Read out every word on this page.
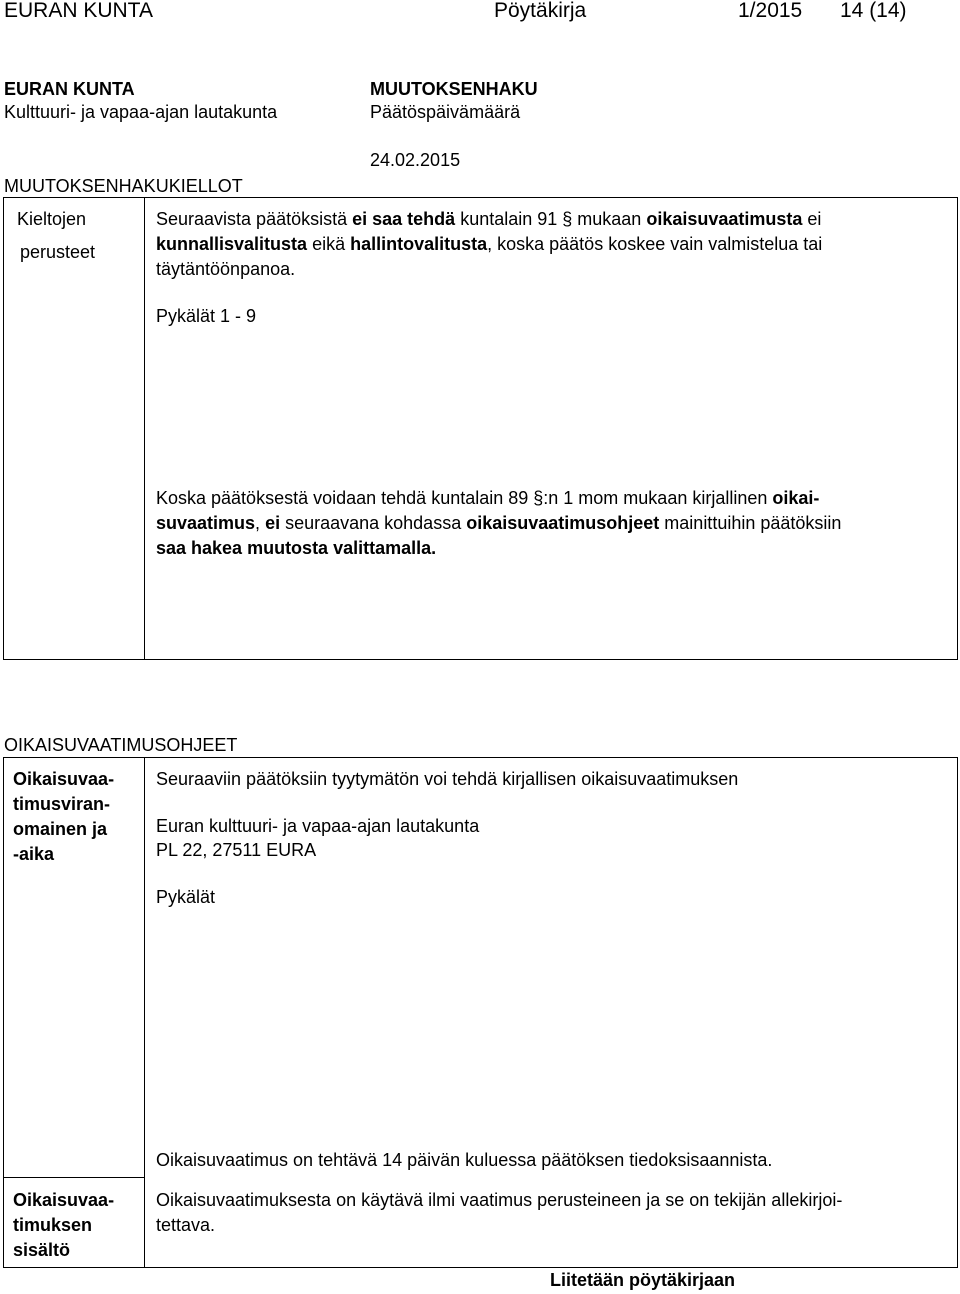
EURAN KUNTA	Pöytäkirja	1/2015 14 (14)
EURAN KUNTA
Kulttuuri- ja vapaa-ajan lautakunta
MUUTOKSENHAKU
Päätöspäivämäärä
24.02.2015
MUUTOKSENHAKUKIELLOT
Kieltojen
perusteet
Seuraavista päätöksistä ei saa tehdä kuntalain 91 § mukaan oikaisuvaatimusta ei
kunnallisvalitusta eikä hallintovalitusta, koska päätös koskee vain valmistelua tai
täytäntöönpanoa.
Pykälät 1 - 9
Koska päätöksestä voidaan tehdä kuntalain 89 §:n 1 mom mukaan kirjallinen oikai-
suvaatimus, ei seuraavana kohdassa oikaisuvaatimusohjeet mainittuihin päätöksiin
saa hakea muutosta valittamalla.
OIKAISUVAATIMUSOHJEET
Oikaisuvaa-
timusviran-
omainen ja
-aika
Seuraaviin päätöksiin tyytymätön voi tehdä kirjallisen oikaisuvaatimuksen
Euran kulttuuri- ja vapaa-ajan lautakunta
PL 22, 27511 EURA
Pykälät
Oikaisuvaatimus on tehtävä 14 päivän kuluessa päätöksen tiedoksisaannista.
Oikaisuvaa-
timuksen
sisältö
Oikaisuvaatimuksesta on käytävä ilmi vaatimus perusteineen ja se on tekijän allekirjoi-
tettava.
Liitetään pöytäkirjaan
